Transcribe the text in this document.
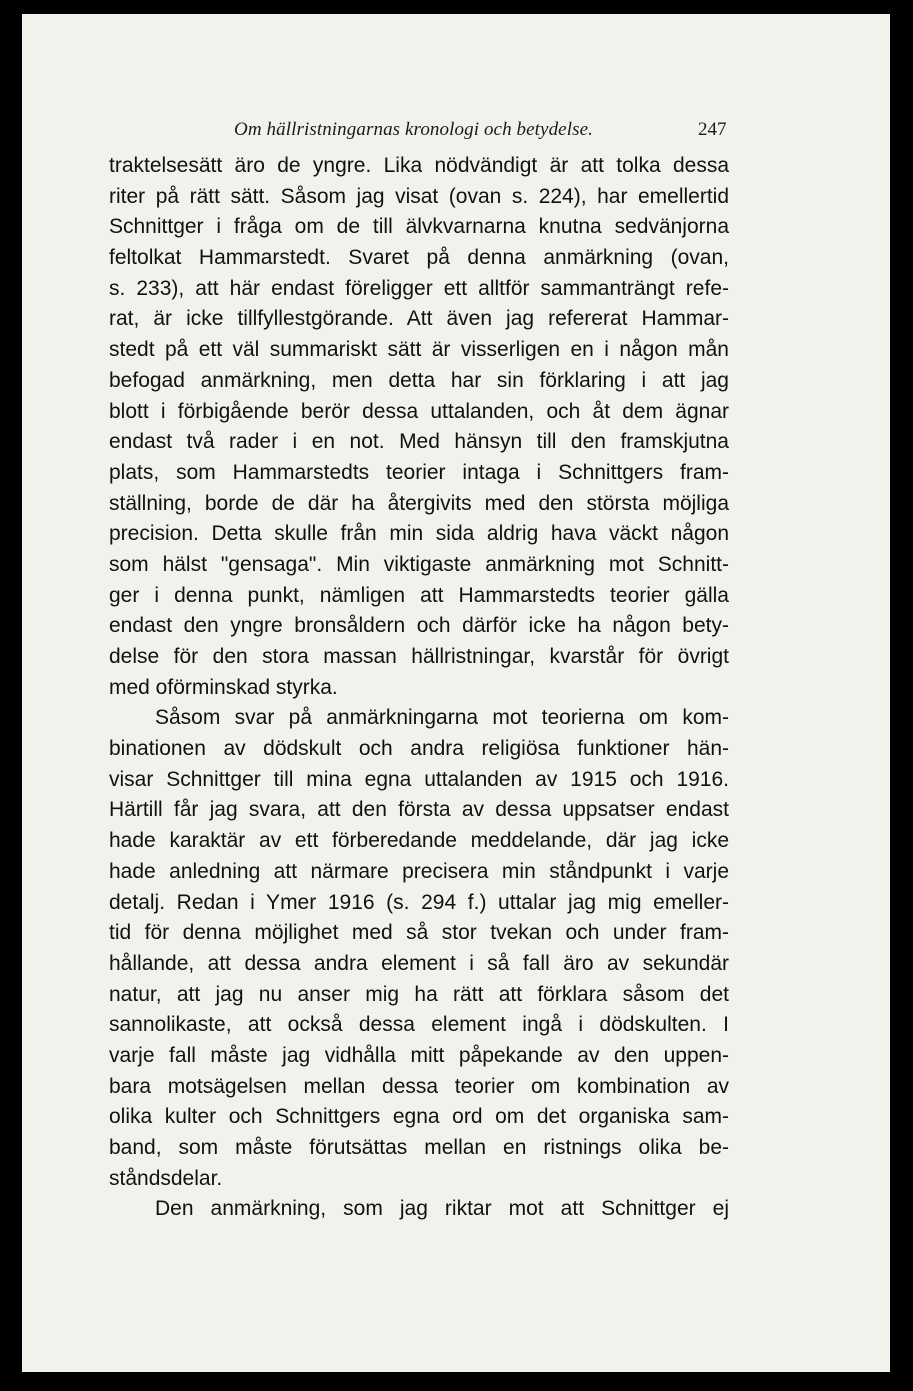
Om hällristningarnas kronologi och betydelse.	247
traktelsesätt äro de yngre. Lika nödvändigt är att tolka dessa
riter på rätt sätt. Såsom jag visat (ovan s. 224), har emellertid
Schnittger i fråga om de till älvkvarnarna knutna sedvänjorna
feltolkat Hammarstedt. Svaret på denna anmärkning (ovan,
s. 233), att här endast föreligger ett alltför sammanträngt refe-
rat, är icke tillfyllestgörande. Att även jag refererat Hammar-
stedt på ett väl summariskt sätt är visserligen en i någon mån
befogad anmärkning, men detta har sin förklaring i att jag
blott i förbigående berör dessa uttalanden, och åt dem ägnar
endast två rader i en not. Med hänsyn till den framskjutna
plats, som Hammarstedts teorier intaga i Schnittgers fram-
ställning, borde de där ha återgivits med den största möjliga
precision. Detta skulle från min sida aldrig hava väckt någon
som hälst "gensaga". Min viktigaste anmärkning mot Schnitt-
ger i denna punkt, nämligen att Hammarstedts teorier gälla
endast den yngre bronsåldern och därför icke ha någon bety-
delse för den stora massan hällristningar, kvarstår för övrigt
med oförminskad styrka.
Såsom svar på anmärkningarna mot teorierna om kom-
binationen av dödskult och andra religiösa funktioner hän-
visar Schnittger till mina egna uttalanden av 1915 och 1916.
Härtill får jag svara, att den första av dessa uppsatser endast
hade karaktär av ett förberedande meddelande, där jag icke
hade anledning att närmare precisera min ståndpunkt i varje
detalj. Redan i Ymer 1916 (s. 294 f.) uttalar jag mig emeller-
tid för denna möjlighet med så stor tvekan och under fram-
hållande, att dessa andra element i så fall äro av sekundär
natur, att jag nu anser mig ha rätt att förklara såsom det
sannolikaste, att också dessa element ingå i dödskulten. I
varje fall måste jag vidhålla mitt påpekande av den uppen-
bara motsägelsen mellan dessa teorier om kombination av
olika kulter och Schnittgers egna ord om det organiska sam-
band, som måste förutsättas mellan en ristnings olika be-
ståndsdelar.
Den anmärkning, som jag riktar mot att Schnittger ej
